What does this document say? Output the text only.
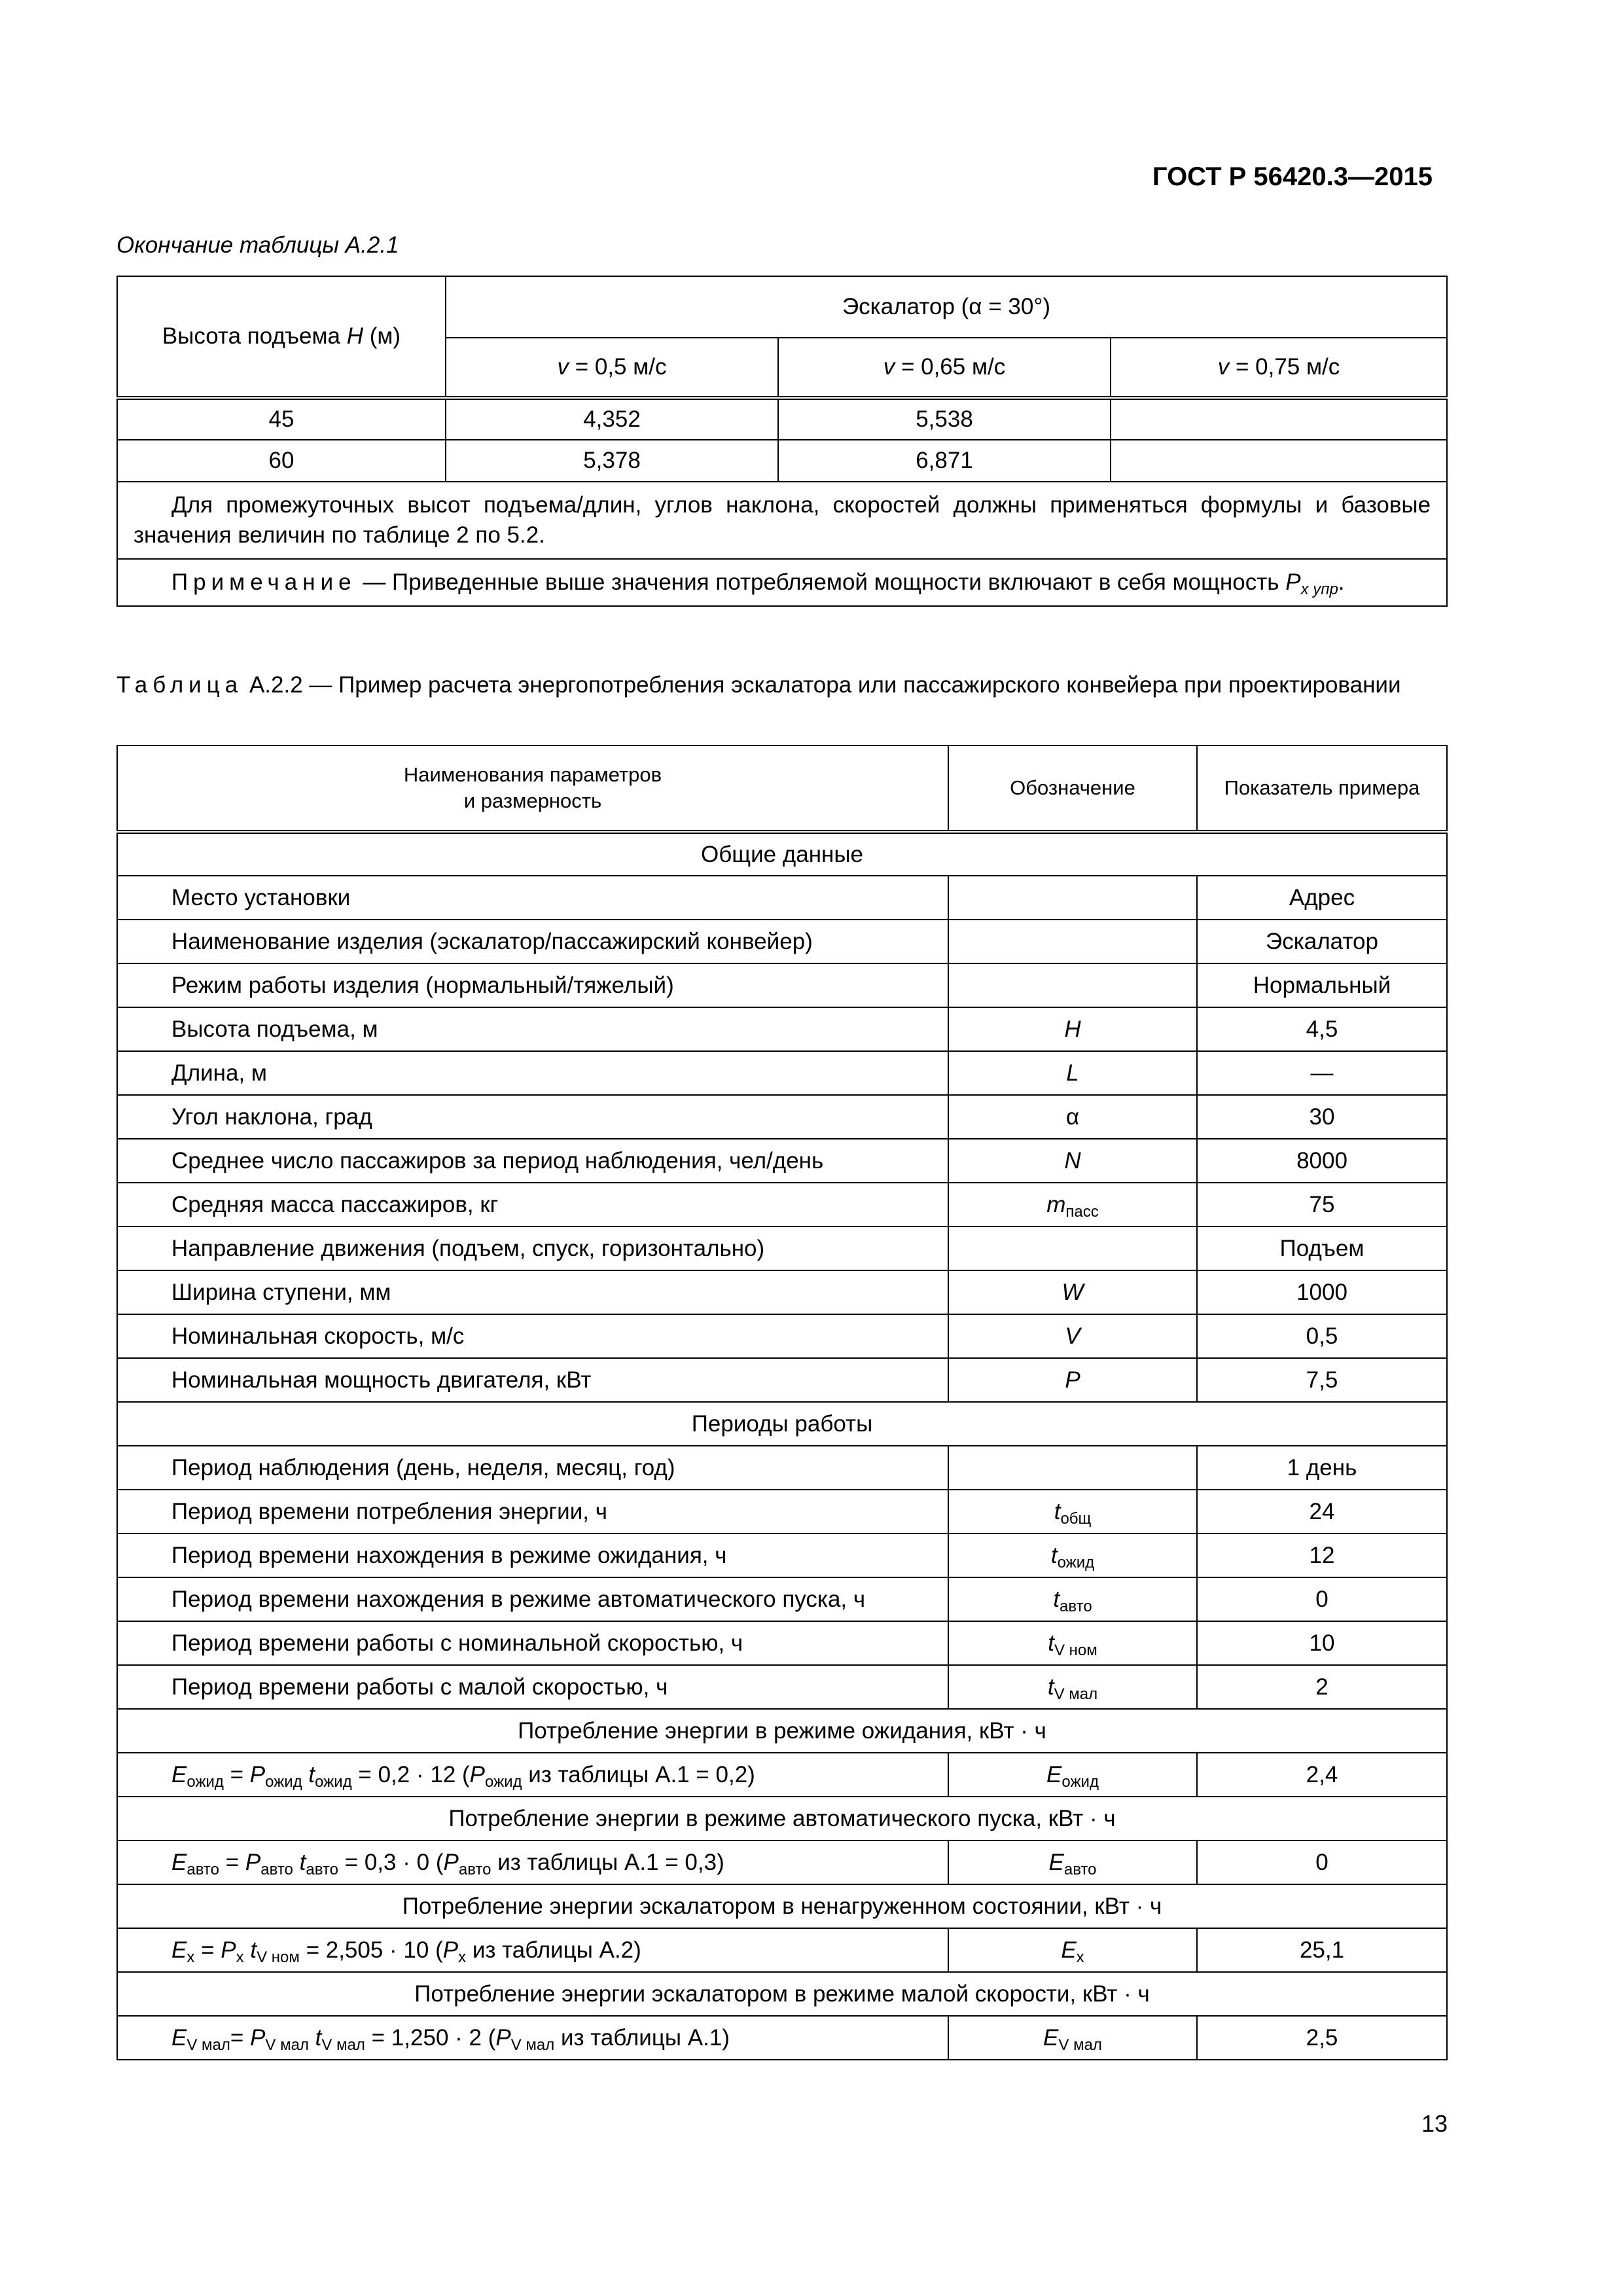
ГОСТ Р 56420.3—2015
Окончание таблицы А.2.1
Высота подъема H (м)	Эскалатор (α = 30°)		
	v = 0,5 м/с	v = 0,65 м/с	v = 0,75 м/с
45	4,352	5,538	
60	5,378	6,871	
Для промежуточных высот подъема/длин, углов наклона, скоростей должны применяться формулы и базовые значения величин по таблице 2 по 5.2.			
Примечание — Приведенные выше значения потребляемой мощности включают в себя мощность $P_{x упр}$.			
Таблица А.2.2 — Пример расчета энергопотребления эскалатора или пассажирского конвейера при проектировании
Наименования параметров
и размерность	Обозначение	Показатель примера
Общие данные		
Место установки		Адрес
Наименование изделия (эскалатор/пассажирский конвейер)		Эскалатор
Режим работы изделия (нормальный/тяжелый)		Нормальный
Высота подъема, м	H	4,5
Длина, м	L	—
Угол наклона, град	α	30
Среднее число пассажиров за период наблюдения, чел/день	N	8000
Средняя масса пассажиров, кг	$m_{пасс}$	75
Направление движения (подъем, спуск, горизонтально)		Подъем
Ширина ступени, мм	W	1000
Номинальная скорость, м/с	V	0,5
Номинальная мощность двигателя, кВт	P	7,5
Периоды работы		
Период наблюдения (день, неделя, месяц, год)		1 день
Период времени потребления энергии, ч	$t_{общ}$	24
Период времени нахождения в режиме ожидания, ч	$t_{ожид}$	12
Период времени нахождения в режиме автоматического пуска, ч	$t_{авто}$	0
Период времени работы с номинальной скоростью, ч	$t_{V ном}$	10
Период времени работы с малой скоростью, ч	$t_{V мал}$	2
Потребление энергии в режиме ожидания, кВт · ч		
$E_{ожид} = P_{ожид}$ $t_{ожид} = 0,2 \cdot 12$ ($P_{ожид}$ из таблицы А.1 = 0,2)	$E_{ожид}$	2,4
Потребление энергии в режиме автоматического пуска, кВт · ч		
$E_{авто} = P_{авто}$ $t_{авто} = 0,3 \cdot 0$ ($P_{авто}$ из таблицы А.1 = 0,3)	$E_{авто}$	0
Потребление энергии эскалатором в ненагруженном состоянии, кВт · ч		
$E_x = P_x$ $t_{V ном} = 2,505 \cdot 10$ ($P_x$ из таблицы А.2)	$E_x$	25,1
Потребление энергии эскалатором в режиме малой скорости, кВт · ч		
$E_{V мал}= P_{V мал}$ $t_{V мал} = 1,250 \cdot 2$ ($P_{V мал}$ из таблицы А.1)	$E_{V мал}$	2,5
13
